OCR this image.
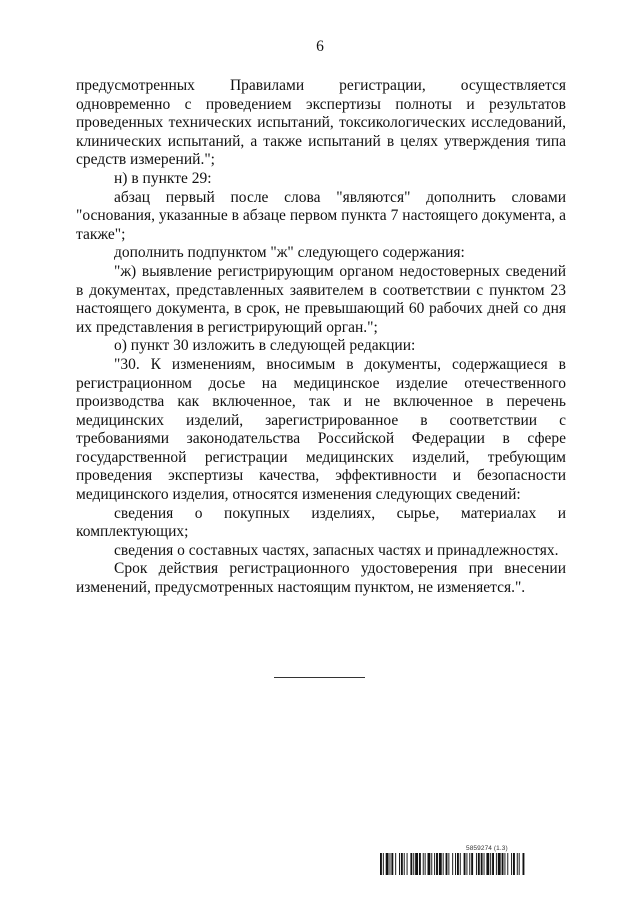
6

предусмотренных Правилами регистрации, осуществляется одновременно с проведением экспертизы полноты и результатов проведенных технических испытаний, токсикологических исследований, клинических испытаний, а также испытаний в целях утверждения типа средств измерений.";

н) в пункте 29:

абзац первый после слова "являются" дополнить словами "основания, указанные в абзаце первом пункта 7 настоящего документа, а также";

дополнить подпунктом "ж" следующего содержания:

"ж) выявление регистрирующим органом недостоверных сведений в документах, представленных заявителем в соответствии с пунктом 23 настоящего документа, в срок, не превышающий 60 рабочих дней со дня их представления в регистрирующий орган.";

о) пункт 30 изложить в следующей редакции:

"30. К изменениям, вносимым в документы, содержащиеся в регистрационном досье на медицинское изделие отечественного производства как включенное, так и не включенное в перечень медицинских изделий, зарегистрированное в соответствии с требованиями законодательства Российской Федерации в сфере государственной регистрации медицинских изделий, требующим проведения экспертизы качества, эффективности и безопасности медицинского изделия, относятся изменения следующих сведений:

сведения о покупных изделиях, сырье, материалах и комплектующих;

сведения о составных частях, запасных частях и принадлежностях.

Срок действия регистрационного удостоверения при внесении изменений, предусмотренных настоящим пунктом, не изменяется.".

5859274 (1.3)
